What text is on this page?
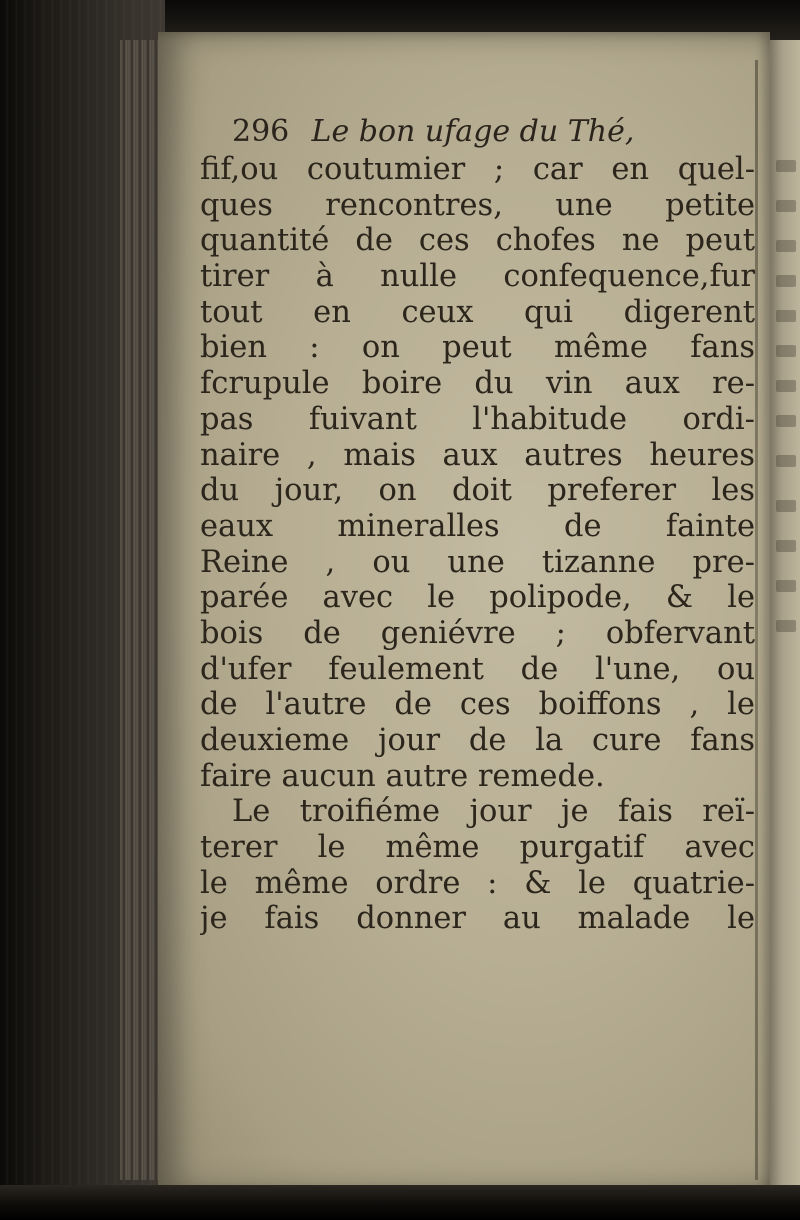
296 Le bon ufage du Thé,
fif,ou coutumier ; car en quel-
ques rencontres, une petite
quantité de ces chofes ne peut
tirer à nulle confequence,fur
tout en ceux qui digerent
bien : on peut même fans
fcrupule boire du vin aux re-
pas fuivant l'habitude ordi-
naire , mais aux autres heures
du jour, on doit preferer les
eaux mineralles de fainte
Reine , ou une tizanne pre-
parée avec le polipode, & le
bois de geniévre ; obfervant
d'ufer feulement de l'une, ou
de l'autre de ces boiffons , le
deuxieme jour de la cure fans
faire aucun autre remede.
Le troifiéme jour je fais reï-
terer le même purgatif avec
le même ordre : & le quatrie-
je fais donner au malade le
